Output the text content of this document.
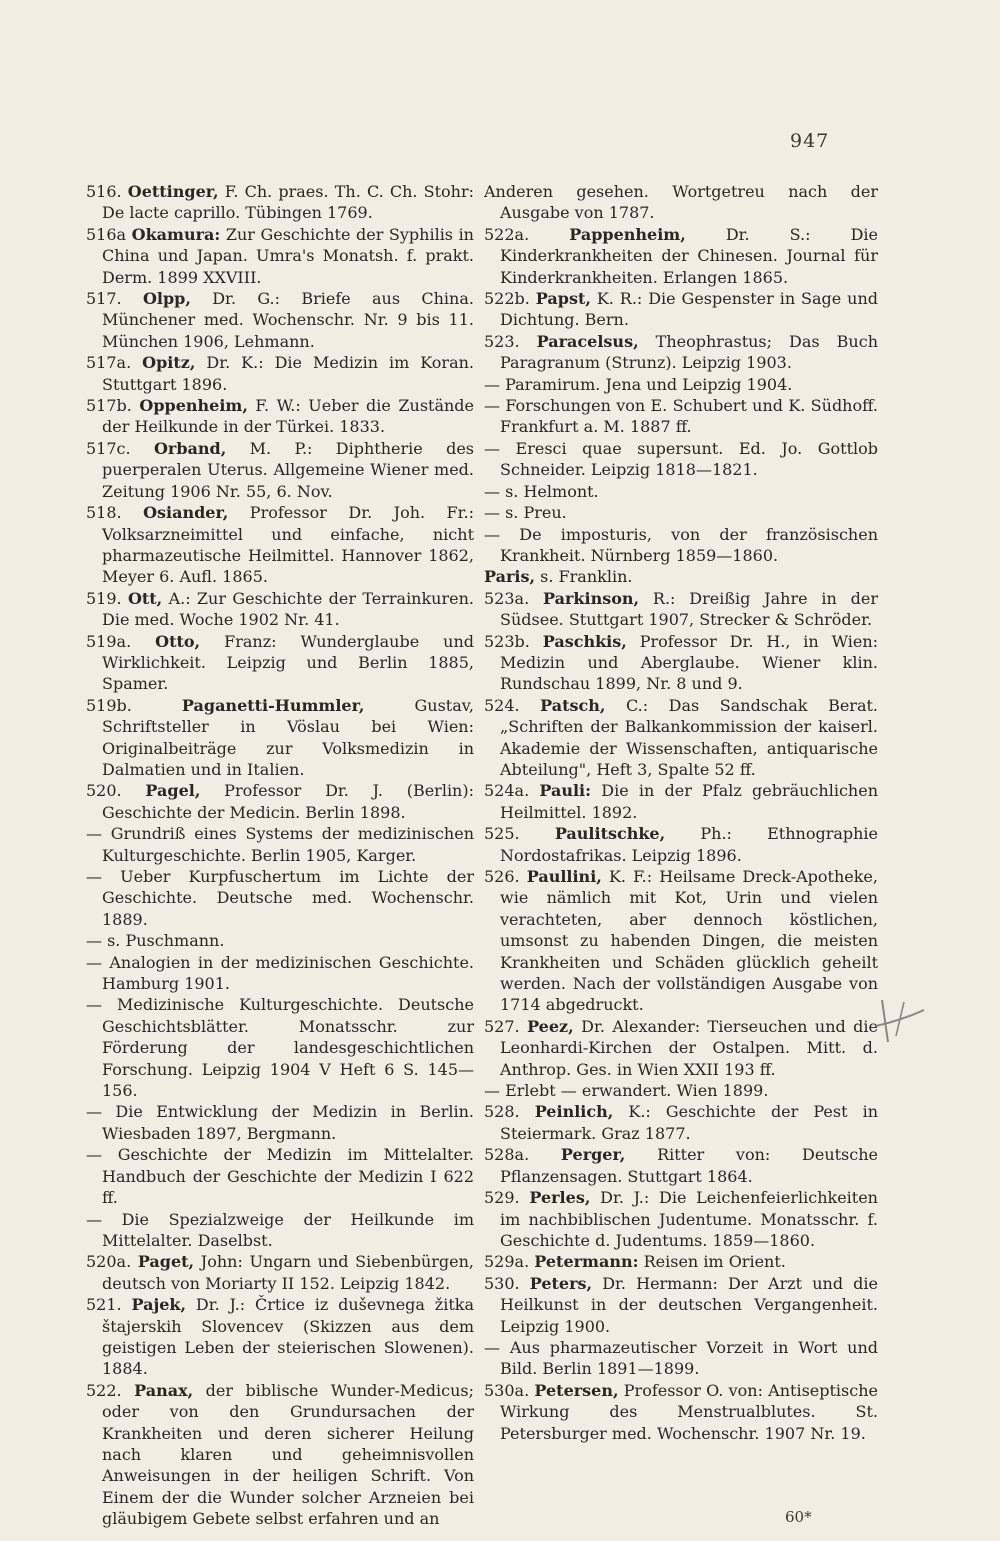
947

516. Oettinger, F. Ch. praes. Th. C. Ch. Stohr: De lacte caprillo. Tübingen 1769.

516a Okamura: Zur Geschichte der Syphilis in China und Japan. Umra's Monatsh. f. prakt. Derm. 1899 XXVIII.

517. Olpp, Dr. G.: Briefe aus China. Münchener med. Wochenschr. Nr. 9 bis 11. München 1906, Lehmann.

517a. Opitz, Dr. K.: Die Medizin im Koran. Stuttgart 1896.

517b. Oppenheim, F. W.: Ueber die Zustände der Heilkunde in der Türkei. 1833.

517c. Orband, M. P.: Diphtherie des puerperalen Uterus. Allgemeine Wiener med. Zeitung 1906 Nr. 55, 6. Nov.

518. Osiander, Professor Dr. Joh. Fr.: Volksarzneimittel und einfache, nicht pharmazeutische Heilmittel. Hannover 1862, Meyer 6. Aufl. 1865.

519. Ott, A.: Zur Geschichte der Terrainkuren. Die med. Woche 1902 Nr. 41.

519a. Otto, Franz: Wunderglaube und Wirklichkeit. Leipzig und Berlin 1885, Spamer.

519b.	Paganetti-Hummler,	Gustav, Schriftsteller in Vöslau bei Wien: Originalbeiträge zur Volksmedizin in Dalmatien und in Italien.

520. Pagel, Professor Dr. J. (Berlin): Geschichte der Medicin. Berlin 1898.

— Grundriß eines Systems der medizinischen Kulturgeschichte. Berlin 1905, Karger.

— Ueber Kurpfuschertum im Lichte der Geschichte. Deutsche med. Wochenschr. 1889.

— s. Puschmann.

— Analogien in der medizinischen Geschichte. Hamburg 1901.

— Medizinische Kulturgeschichte. Deutsche Geschichtsblätter. Monatsschr. zur Förderung der landesgeschichtlichen Forschung. Leipzig 1904 V Heft 6 S. 145—156.

— Die Entwicklung der Medizin in Berlin. Wiesbaden 1897, Bergmann.

— Geschichte der Medizin im Mittelalter. Handbuch der Geschichte der Medizin I 622 ff.

— Die Spezialzweige der Heilkunde im Mittelalter. Daselbst.

520a. Paget, John: Ungarn und Siebenbürgen, deutsch von Moriarty II 152. Leipzig 1842.

521. Pajek, Dr. J.: Črtice iz duševnega žitka štajerskih Slovencev (Skizzen aus dem geistigen Leben der steierischen Slowenen). 1884.

522. Panax, der biblische Wunder-Medicus; oder von den Grundursachen der Krankheiten und deren sicherer Heilung nach klaren und geheimnisvollen Anweisungen in der heiligen Schrift. Von Einem der die Wunder solcher Arzneien bei gläubigem Gebete selbst erfahren und an

Anderen gesehen. Wortgetreu nach der Ausgabe von 1787.

522a.	Pappenheim,	Dr. S.: Die Kinderkrankheiten der Chinesen. Journal für Kinderkrankheiten. Erlangen 1865.

522b. Papst, K. R.: Die Gespenster in Sage und Dichtung. Bern.

523. Paracelsus, Theophrastus; Das Buch Paragranum (Strunz). Leipzig 1903.

— Paramirum. Jena und Leipzig 1904.

— Forschungen von E. Schubert und K. Südhoff. Frankfurt a. M. 1887 ff.

— Eresci quae supersunt. Ed. Jo. Gottlob Schneider. Leipzig 1818—1821.

— s. Helmont.

— s. Preu.

— De imposturis, von der französischen Krankheit. Nürnberg 1859—1860.

Paris, s. Franklin.

523a. Parkinson, R.: Dreißig Jahre in der Südsee. Stuttgart 1907, Strecker & Schröder.

523b. Paschkis, Professor Dr. H., in Wien: Medizin und Aberglaube. Wiener klin. Rundschau 1899, Nr. 8 und 9.

524. Patsch, C.: Das Sandschak Berat. „Schriften der Balkankommission der kaiserl. Akademie der Wissenschaften, antiquarische Abteilung", Heft 3, Spalte 52 ff.

524a. Pauli: Die in der Pfalz gebräuchlichen Heilmittel. 1892.

525. Paulitschke, Ph.: Ethnographie Nordostafrikas. Leipzig 1896.

526. Paullini, K. F.: Heilsame Dreck-Apotheke, wie nämlich mit Kot, Urin und vielen verachteten, aber dennoch köstlichen, umsonst zu habenden Dingen, die meisten Krankheiten und Schäden glücklich geheilt werden. Nach der vollständigen Ausgabe von 1714 abgedruckt.

527. Peez, Dr. Alexander: Tierseuchen und die Leonhardi-Kirchen der Ostalpen. Mitt. d. Anthrop. Ges. in Wien XXII 193 ff.

— Erlebt — erwandert. Wien 1899.

528. Peinlich, K.: Geschichte der Pest in Steiermark. Graz 1877.

528a. Perger, Ritter von: Deutsche Pflanzensagen. Stuttgart 1864.

529. Perles, Dr. J.: Die Leichenfeierlichkeiten im nachbiblischen Judentume. Monatsschr. f. Geschichte d. Judentums. 1859—1860.

529a. Petermann: Reisen im Orient.

530. Peters, Dr. Hermann: Der Arzt und die Heilkunst in der deutschen Vergangenheit. Leipzig 1900.

— Aus pharmazeutischer Vorzeit in Wort und Bild. Berlin 1891—1899.

530a. Petersen, Professor O. von: Antiseptische Wirkung des Menstrualblutes. St. Petersburger med. Wochenschr. 1907 Nr. 19.

60*
